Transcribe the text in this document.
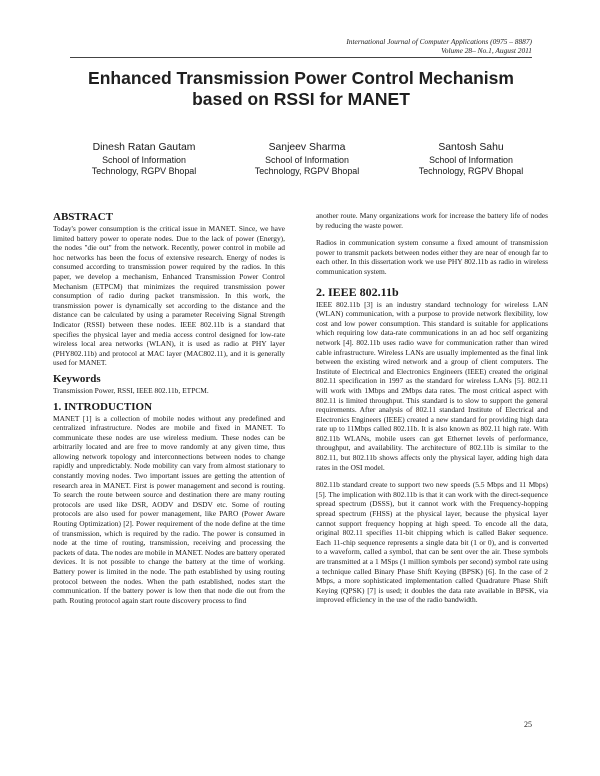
International Journal of Computer Applications (0975 – 8887)
Volume 28– No.1, August 2011
Enhanced Transmission Power Control Mechanism
based on RSSI for MANET
Dinesh Ratan Gautam
School of Information
Technology, RGPV Bhopal
Sanjeev Sharma
School of Information
Technology, RGPV Bhopal
Santosh Sahu
School of Information
Technology, RGPV Bhopal
ABSTRACT

Today's power consumption is the critical issue in MANET. Since, we have limited battery power to operate nodes. Due to the lack of power (Energy), the nodes "die out" from the network. Recently, power control in mobile ad hoc networks has been the focus of extensive research. Energy of nodes is consumed according to transmission power required by the radios. In this paper, we develop a mechanism, Enhanced Transmission Power Control Mechanism (ETPCM) that minimizes the required transmission power consumption of radio during packet transmission. In this work, the transmission power is dynamically set according to the distance and the distance can be calculated by using a parameter Receiving Signal Strength Indicator (RSSI) between these nodes. IEEE 802.11b is a standard that specifies the physical layer and media access control designed for low-rate wireless local area networks (WLAN), it is used as radio at PHY layer (PHY802.11b) and protocol at MAC layer (MAC802.11), and it is generally used for MANET.

Keywords

Transmission Power, RSSI, IEEE 802.11b, ETPCM.

1. INTRODUCTION

MANET [1] is a collection of mobile nodes without any predefined and centralized infrastructure. Nodes are mobile and fixed in MANET. To communicate these nodes are use wireless medium. These nodes can be arbitrarily located and are free to move randomly at any given time, thus allowing network topology and interconnections between nodes to change rapidly and unpredictably. Node mobility can vary from almost stationary to constantly moving nodes. Two important issues are getting the attention of research area in MANET. First is power management and second is routing. To search the route between source and destination there are many routing protocols are used like DSR, AODV and DSDV etc. Some of routing protocols are also used for power management, like PARO (Power Aware Routing Optimization) [2]. Power requirement of the node define at the time of transmission, which is required by the radio. The power is consumed in node at the time of routing, transmission, receiving and processing the packets of data. The nodes are mobile in MANET. Nodes are battery operated devices. It is not possible to change the battery at the time of working. Battery power is limited in the node. The path established by using routing protocol between the nodes. When the path established, nodes start the communication. If the battery power is low then that node die out from the path. Routing protocol again start route discovery process to find

another route. Many organizations work for increase the battery life of nodes by reducing the waste power.

Radios in communication system consume a fixed amount of transmission power to transmit packets between nodes either they are near of enough far to each other. In this dissertation work we use PHY 802.11b as radio in wireless communication system.

2. IEEE 802.11b

IEEE 802.11b [3] is an industry standard technology for wireless LAN (WLAN) communication, with a purpose to provide network flexibility, low cost and low power consumption. This standard is suitable for applications which requiring low data-rate communications in an ad hoc self organizing network [4]. 802.11b uses radio wave for communication rather than wired cable infrastructure. Wireless LANs are usually implemented as the final link between the existing wired network and a group of client computers. The Institute of Electrical and Electronics Engineers (IEEE) created the original 802.11 specification in 1997 as the standard for wireless LANs [5]. 802.11 will work with 1Mbps and 2Mbps data rates. The most critical aspect with 802.11 is limited throughput. This standard is to slow to support the general requirements. After analysis of 802.11 standard Institute of Electrical and Electronics Engineers (IEEE) created a new standard for providing high data rate up to 11Mbps called 802.11b. It is also known as 802.11 high rate. With 802.11b WLANs, mobile users can get Ethernet levels of performance, throughput, and availability. The architecture of 802.11b is similar to the 802.11, but 802.11b shows affects only the physical layer, adding high data rates in the OSI model.

802.11b standard create to support two new speeds (5.5 Mbps and 11 Mbps) [5]. The implication with 802.11b is that it can work with the direct-sequence spread spectrum (DSSS), but it cannot work with the Frequency-hopping spread spectrum (FHSS) at the physical layer, because the physical layer cannot support frequency hopping at high speed. To encode all the data, original 802.11 specifies 11-bit chipping which is called Baker sequence. Each 11-chip sequence represents a single data bit (1 or 0), and is converted to a waveform, called a symbol, that can be sent over the air. These symbols are transmitted at a 1 MSps (1 million symbols per second) symbol rate using a technique called Binary Phase Shift Keying (BPSK) [6]. In the case of 2 Mbps, a more sophisticated implementation called Quadrature Phase Shift Keying (QPSK) [7] is used; it doubles the data rate available in BPSK, via improved efficiency in the use of the radio bandwidth.

25
